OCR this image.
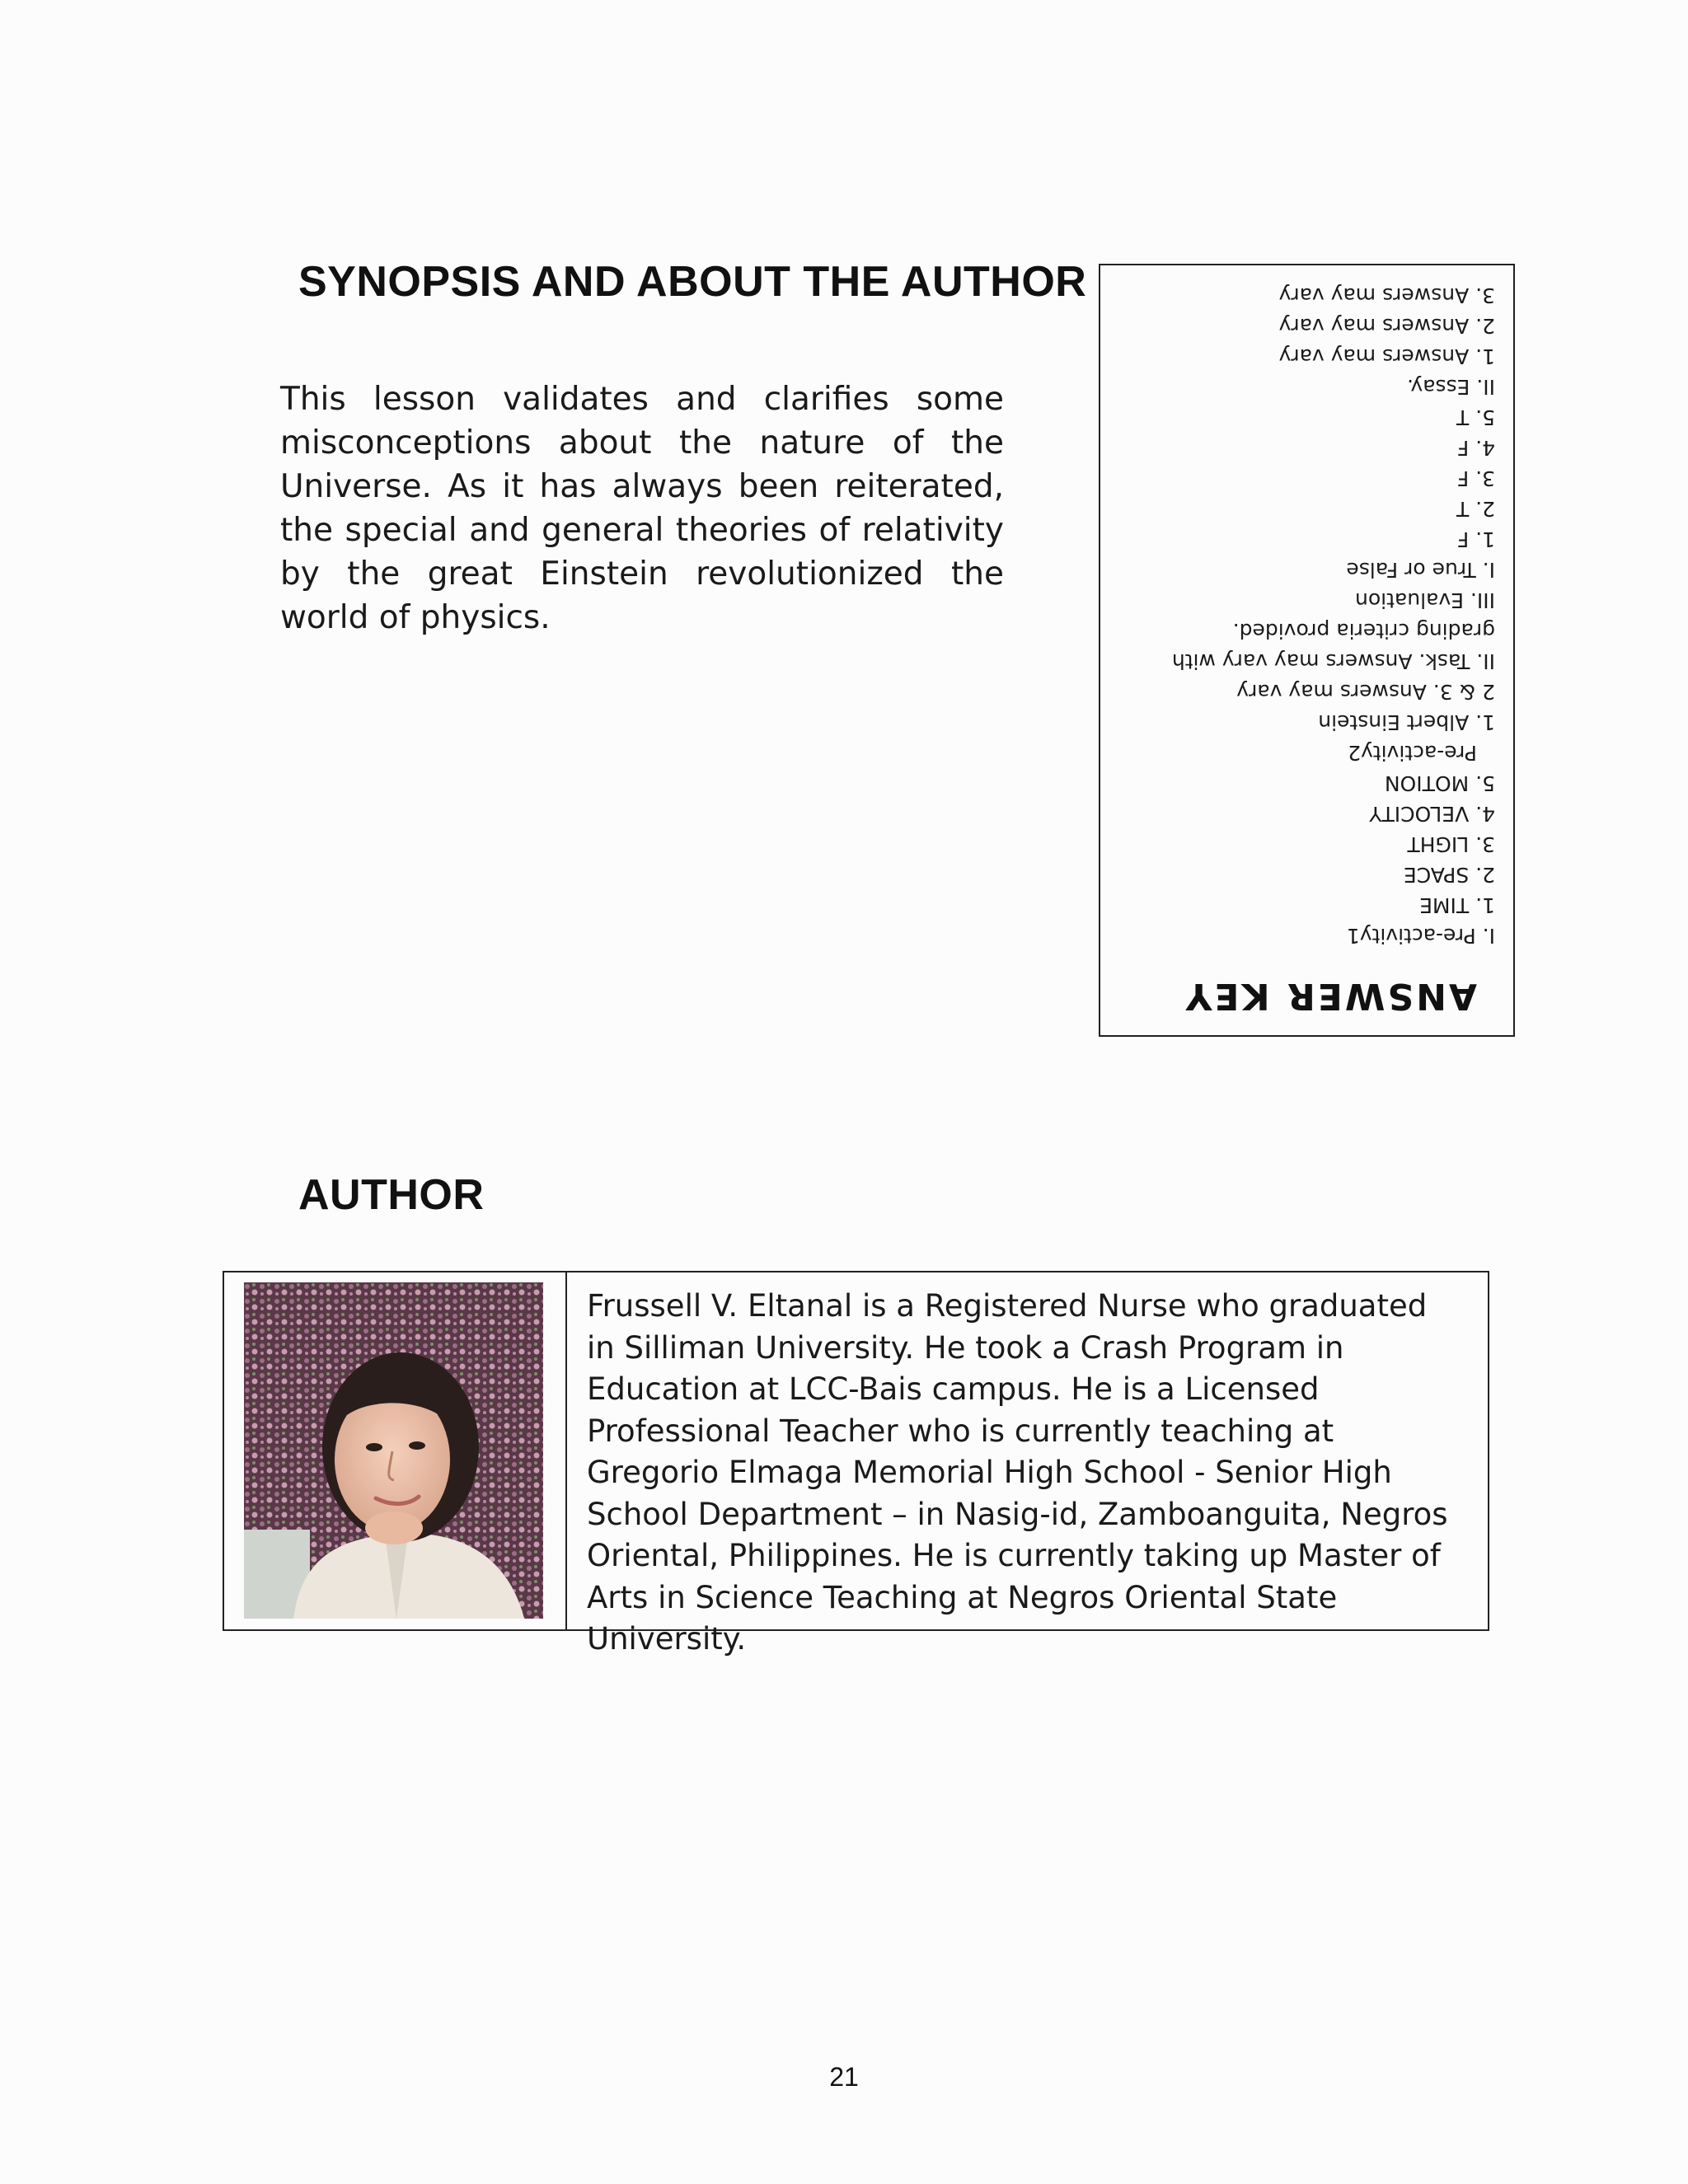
SYNOPSIS AND ABOUT THE AUTHOR

This lesson validates and clarifies some misconceptions about the nature of the Universe. As it has always been reiterated, the special and general theories of relativity by the great Einstein revolutionized the world of physics.

ANSWER KEY
I. Pre-activity1
1. TIME
2. SPACE
3. LIGHT
4. VELOCITY
5. MOTION
Pre-activity2
1. Albert Einstein
2 & 3. Answers may vary
II. Task. Answers may vary with
grading criteria provided.
III. Evaluation
I. True or False
1. F
2. T
3. F
4. F
5. T
II. Essay.
1. Answers may vary
2. Answers may vary
3. Answers may vary
AUTHOR

Frussell V. Eltanal is a Registered Nurse who graduated in Silliman University. He took a Crash Program in Education at LCC-Bais campus. He is a Licensed Professional Teacher who is currently teaching at Gregorio Elmaga Memorial High School - Senior High School Department – in Nasig-id, Zamboanguita, Negros Oriental, Philippines. He is currently taking up Master of Arts in Science Teaching at Negros Oriental State University.

21
